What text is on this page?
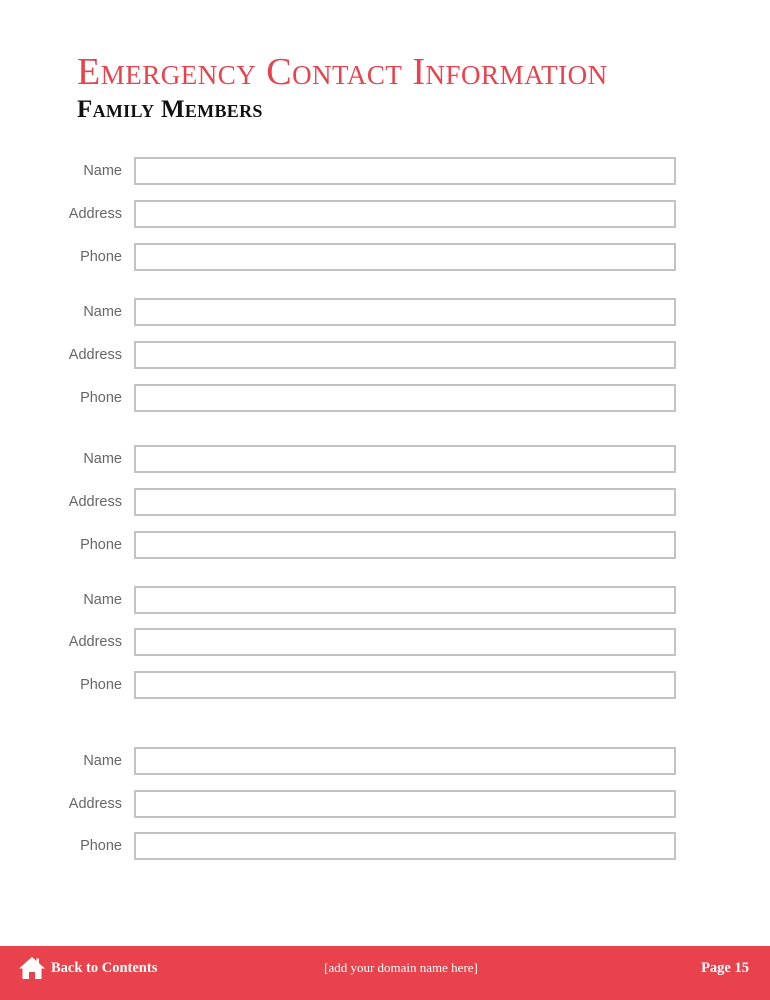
Emergency Contact Information
Family Members
Name
Address
Phone
Name
Address
Phone
Name
Address
Phone
Name
Address
Phone
Name
Address
Phone
Back to Contents	[add your domain name here]	Page 15
